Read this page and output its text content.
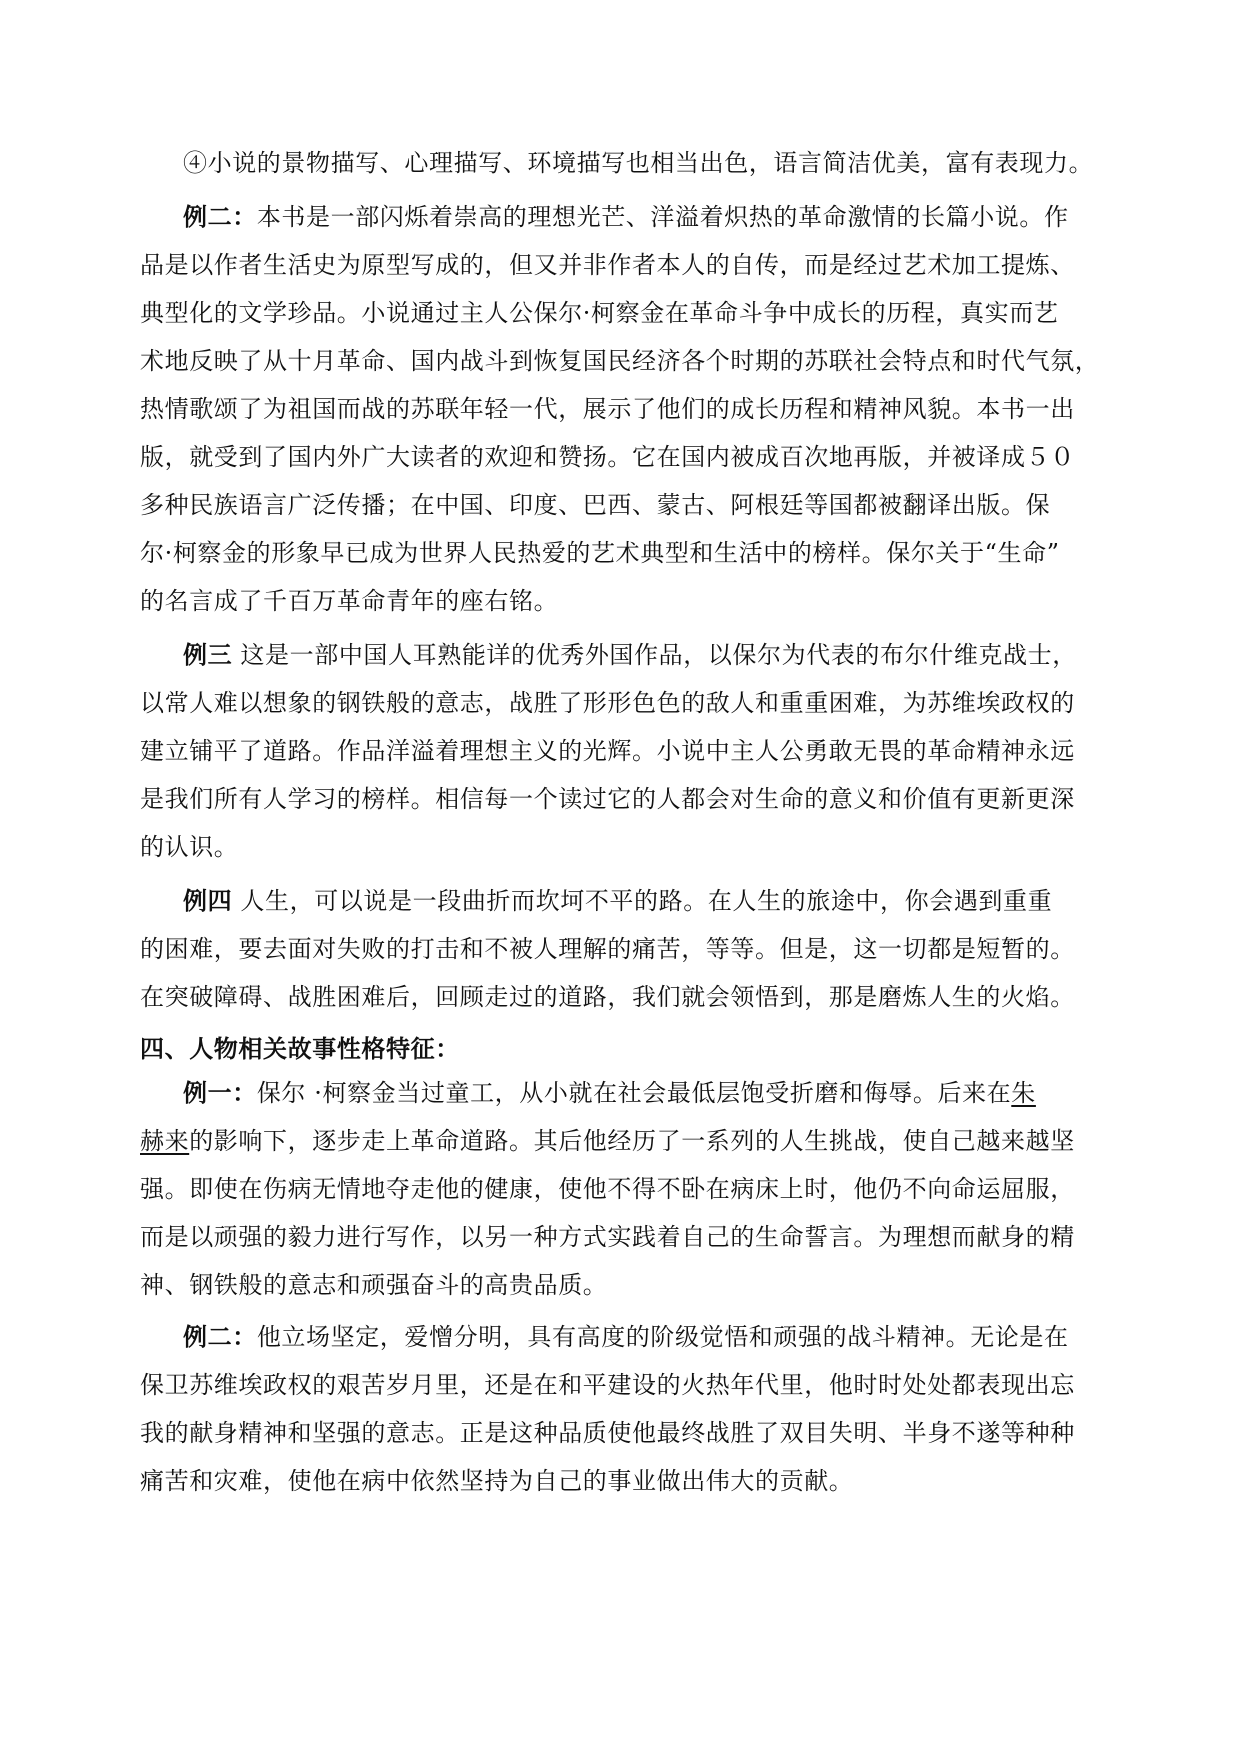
④小说的景物描写、心理描写、环境描写也相当出色，语言简洁优美，富有表现力。
例二：本书是一部闪烁着崇高的理想光芒、洋溢着炽热的革命激情的长篇小说。作
品是以作者生活史为原型写成的，但又并非作者本人的自传，而是经过艺术加工提炼、
典型化的文学珍品。小说通过主人公保尔·柯察金在革命斗争中成长的历程，真实而艺
术地反映了从十月革命、国内战斗到恢复国民经济各个时期的苏联社会特点和时代气氛，
热情歌颂了为祖国而战的苏联年轻一代，展示了他们的成长历程和精神风貌。本书一出
版，就受到了国内外广大读者的欢迎和赞扬。它在国内被成百次地再版，并被译成５０
多种民族语言广泛传播；在中国、印度、巴西、蒙古、阿根廷等国都被翻译出版。保
尔·柯察金的形象早已成为世界人民热爱的艺术典型和生活中的榜样。保尔关于“生命”
的名言成了千百万革命青年的座右铭。
例三 这是一部中国人耳熟能详的优秀外国作品，以保尔为代表的布尔什维克战士，
以常人难以想象的钢铁般的意志，战胜了形形色色的敌人和重重困难，为苏维埃政权的
建立铺平了道路。作品洋溢着理想主义的光辉。小说中主人公勇敢无畏的革命精神永远
是我们所有人学习的榜样。相信每一个读过它的人都会对生命的意义和价值有更新更深
的认识。
例四 人生，可以说是一段曲折而坎坷不平的路。在人生的旅途中，你会遇到重重
的困难，要去面对失败的打击和不被人理解的痛苦，等等。但是，这一切都是短暂的。
在突破障碍、战胜困难后，回顾走过的道路，我们就会领悟到，那是磨炼人生的火焰。
四、人物相关故事性格特征：
例一：保尔 ·柯察金当过童工，从小就在社会最低层饱受折磨和侮辱。后来在朱
赫来的影响下，逐步走上革命道路。其后他经历了一系列的人生挑战，使自己越来越坚
强。即使在伤病无情地夺走他的健康，使他不得不卧在病床上时，他仍不向命运屈服，
而是以顽强的毅力进行写作，以另一种方式实践着自己的生命誓言。为理想而献身的精
神、钢铁般的意志和顽强奋斗的高贵品质。
例二：他立场坚定，爱憎分明，具有高度的阶级觉悟和顽强的战斗精神。无论是在
保卫苏维埃政权的艰苦岁月里，还是在和平建设的火热年代里，他时时处处都表现出忘
我的献身精神和坚强的意志。正是这种品质使他最终战胜了双目失明、半身不遂等种种
痛苦和灾难，使他在病中依然坚持为自己的事业做出伟大的贡献。
